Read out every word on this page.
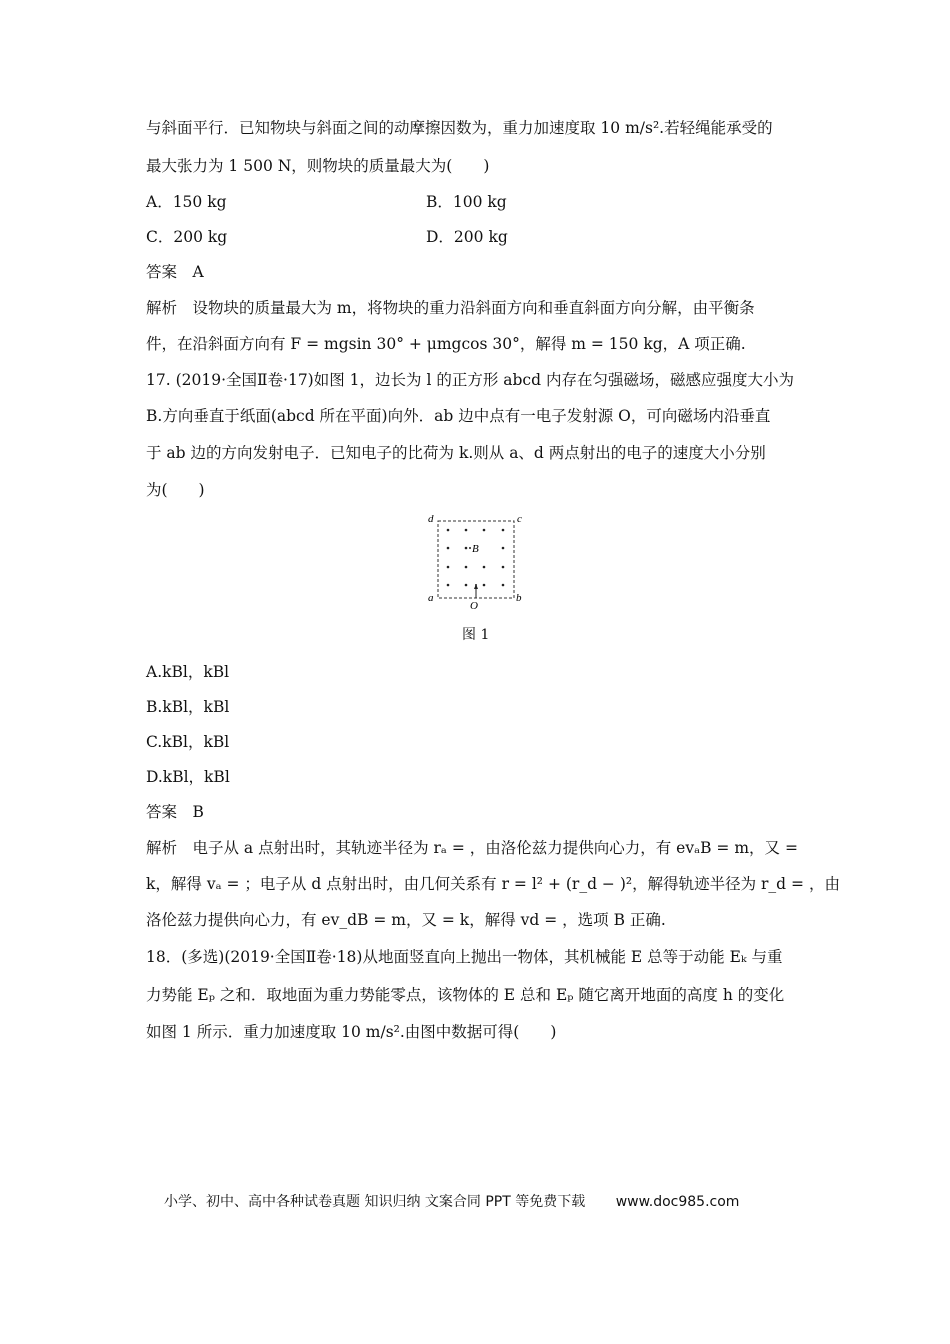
与斜面平行．已知物块与斜面之间的动摩擦因数为，重力加速度取 10 m/s².若轻绳能承受的
最大张力为 1 500 N，则物块的质量最大为(　　)
A．150 kg	B．100 kg
C．200 kg	D．200 kg
答案　A
解析　设物块的质量最大为 m，将物块的重力沿斜面方向和垂直斜面方向分解，由平衡条
件，在沿斜面方向有 F = mgsin 30° + μmgcos 30°，解得 m = 150 kg，A 项正确.
17. (2019·全国Ⅱ卷·17)如图 1，边长为 l 的正方形 abcd 内存在匀强磁场，磁感应强度大小为
B.方向垂直于纸面(abcd 所在平面)向外．ab 边中点有一电子发射源 O，可向磁场内沿垂直
于 ab 边的方向发射电子．已知电子的比荷为 k.则从 a、d 两点射出的电子的速度大小分别
为(　　)
d	c
a	b
B
O
图 1
A.kBl，kBl
B.kBl，kBl
C.kBl，kBl
D.kBl，kBl
答案　B
解析　电子从 a 点射出时，其轨迹半径为 rₐ = ，由洛伦兹力提供向心力，有 evₐB = m，又 =
k，解得 vₐ = ；电子从 d 点射出时，由几何关系有 r = l² + (r_d − )²，解得轨迹半径为 r_d = ，由
洛伦兹力提供向心力，有 ev_dB = m，又 = k，解得 vd = ，选项 B 正确.
18．(多选)(2019·全国Ⅱ卷·18)从地面竖直向上抛出一物体，其机械能 E 总等于动能 Eₖ 与重
力势能 Eₚ 之和．取地面为重力势能零点，该物体的 E 总和 Eₚ 随它离开地面的高度 h 的变化
如图 1 所示．重力加速度取 10 m/s².由图中数据可得(　　)
小学、初中、高中各种试卷真题 知识归纳 文案合同 PPT 等免费下载 www.doc985.com
